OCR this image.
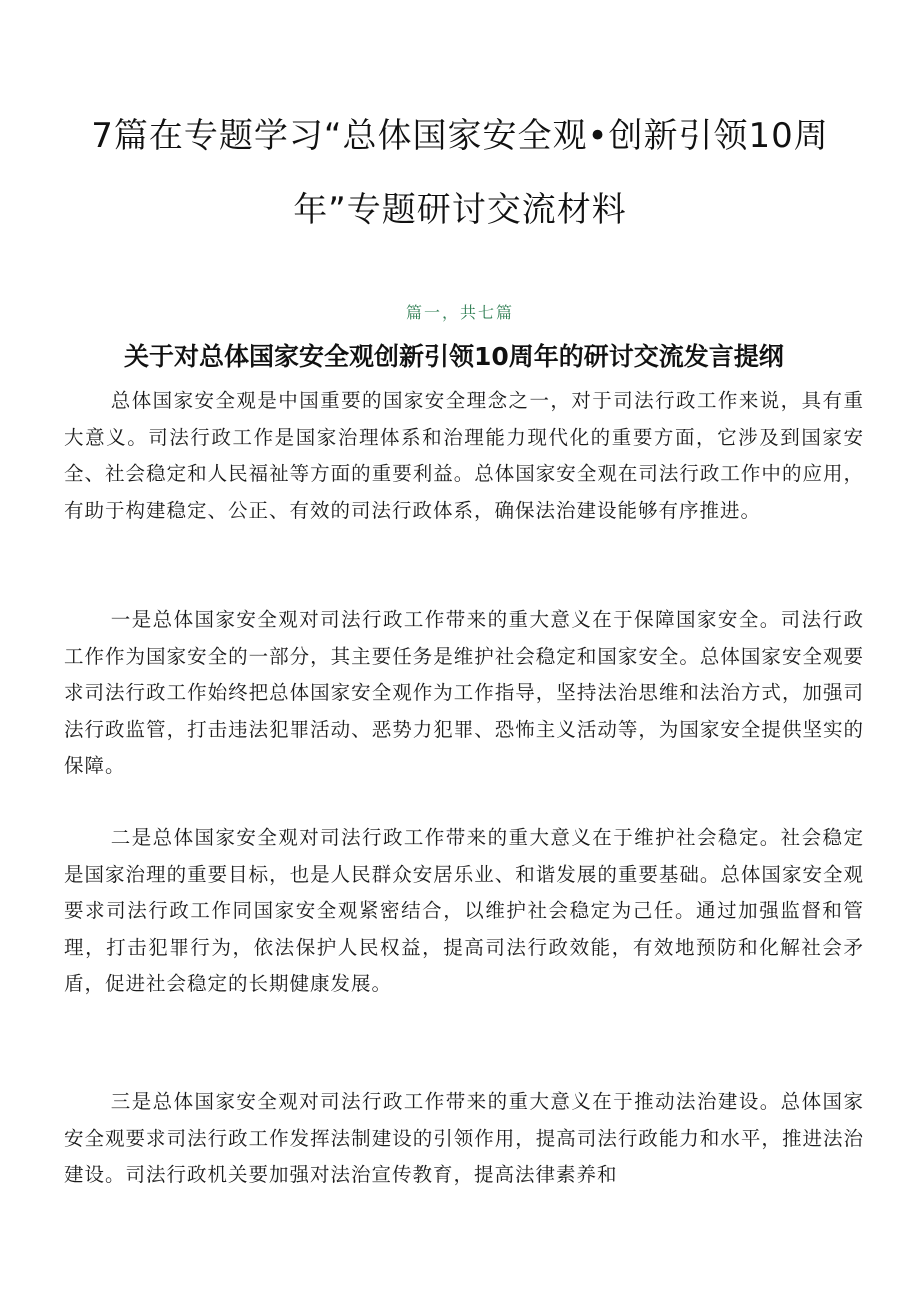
7篇在专题学习“总体国家安全观•创新引领10周
年”专题研讨交流材料
篇一，共七篇
关于对总体国家安全观创新引领10周年的研讨交流发言提纲
总体国家安全观是中国重要的国家安全理念之一，对于司法行政工作来说，具有重大意义。司法行政工作是国家治理体系和治理能力现代化的重要方面，它涉及到国家安全、社会稳定和人民福祉等方面的重要利益。总体国家安全观在司法行政工作中的应用，有助于构建稳定、公正、有效的司法行政体系，确保法治建设能够有序推进。
一是总体国家安全观对司法行政工作带来的重大意义在于保障国家安全。司法行政工作作为国家安全的一部分，其主要任务是维护社会稳定和国家安全。总体国家安全观要求司法行政工作始终把总体国家安全观作为工作指导，坚持法治思维和法治方式，加强司法行政监管，打击违法犯罪活动、恶势力犯罪、恐怖主义活动等，为国家安全提供坚实的保障。
二是总体国家安全观对司法行政工作带来的重大意义在于维护社会稳定。社会稳定是国家治理的重要目标，也是人民群众安居乐业、和谐发展的重要基础。总体国家安全观要求司法行政工作同国家安全观紧密结合，以维护社会稳定为己任。通过加强监督和管理，打击犯罪行为，依法保护人民权益，提高司法行政效能，有效地预防和化解社会矛盾，促进社会稳定的长期健康发展。
三是总体国家安全观对司法行政工作带来的重大意义在于推动法治建设。总体国家安全观要求司法行政工作发挥法制建设的引领作用，提高司法行政能力和水平，推进法治建设。司法行政机关要加强对法治宣传教育，提高法律素养和
